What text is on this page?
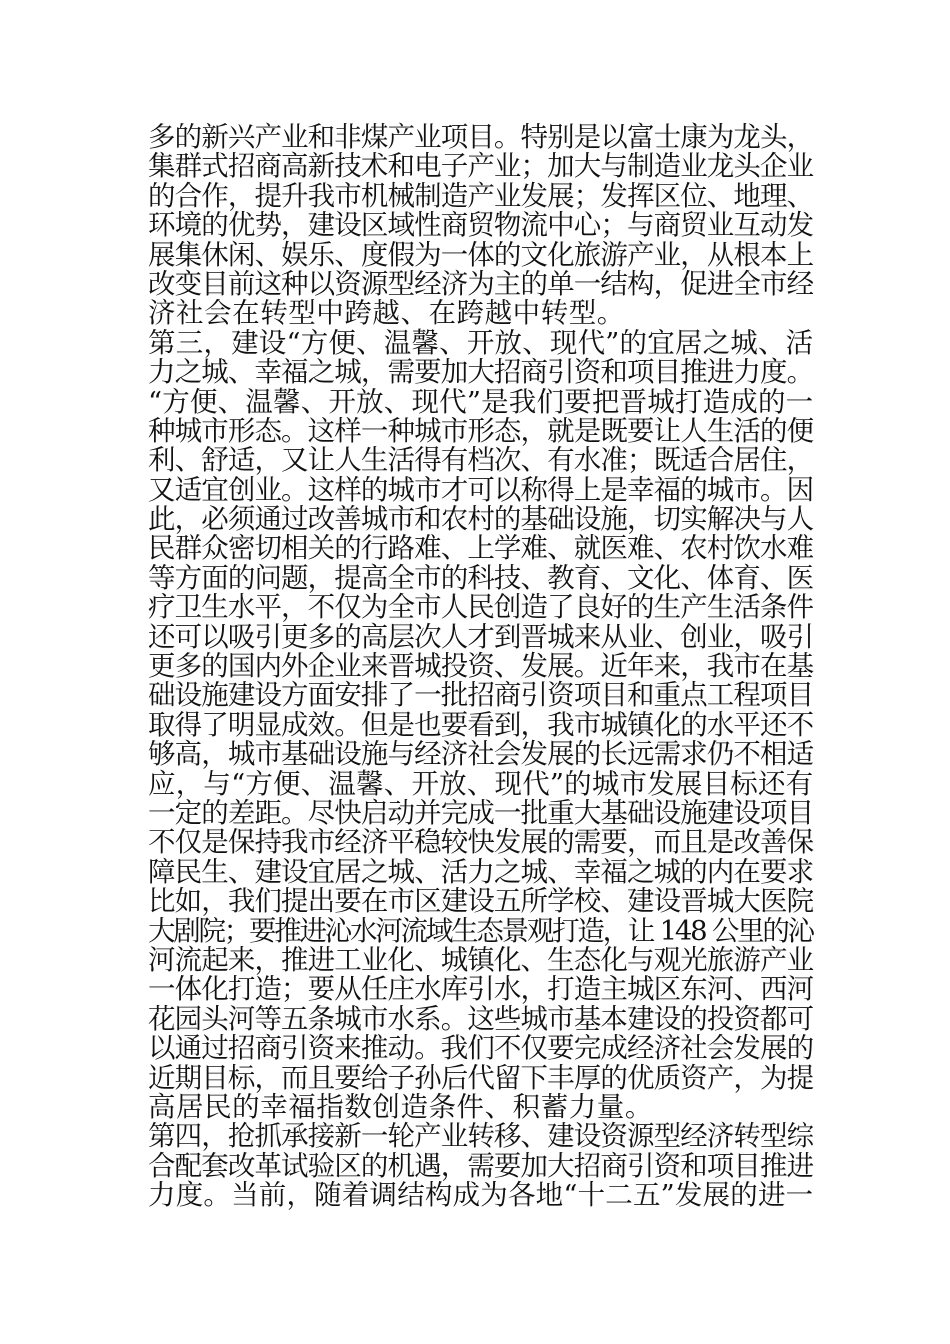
多的新兴产业和非煤产业项目。特别是以富士康为龙头，
集群式招商高新技术和电子产业；加大与制造业龙头企业
的合作，提升我市机械制造产业发展；发挥区位、地理、
环境的优势，建设区域性商贸物流中心；与商贸业互动发
展集休闲、娱乐、度假为一体的文化旅游产业，从根本上
改变目前这种以资源型经济为主的单一结构，促进全市经
济社会在转型中跨越、在跨越中转型。
第三，建设“方便、温馨、开放、现代”的宜居之城、活
力之城、幸福之城，需要加大招商引资和项目推进力度。
“方便、温馨、开放、现代”是我们要把晋城打造成的一
种城市形态。这样一种城市形态，就是既要让人生活的便
利、舒适，又让人生活得有档次、有水准；既适合居住，
又适宜创业。这样的城市才可以称得上是幸福的城市。因
此，必须通过改善城市和农村的基础设施，切实解决与人
民群众密切相关的行路难、上学难、就医难、农村饮水难
等方面的问题，提高全市的科技、教育、文化、体育、医
疗卫生水平，不仅为全市人民创造了良好的生产生活条件
还可以吸引更多的高层次人才到晋城来从业、创业，吸引
更多的国内外企业来晋城投资、发展。近年来，我市在基
础设施建设方面安排了一批招商引资项目和重点工程项目
取得了明显成效。但是也要看到，我市城镇化的水平还不
够高，城市基础设施与经济社会发展的长远需求仍不相适
应，与“方便、温馨、开放、现代”的城市发展目标还有
一定的差距。尽快启动并完成一批重大基础设施建设项目
不仅是保持我市经济平稳较快发展的需要，而且是改善保
障民生、建设宜居之城、活力之城、幸福之城的内在要求
比如，我们提出要在市区建设五所学校、建设晋城大医院
大剧院；要推进沁水河流域生态景观打造，让 148 公里的沁
河流起来，推进工业化、城镇化、生态化与观光旅游产业
一体化打造；要从任庄水库引水，打造主城区东河、西河
花园头河等五条城市水系。这些城市基本建设的投资都可
以通过招商引资来推动。我们不仅要完成经济社会发展的
近期目标，而且要给子孙后代留下丰厚的优质资产，为提
高居民的幸福指数创造条件、积蓄力量。
第四，抢抓承接新一轮产业转移、建设资源型经济转型综
合配套改革试验区的机遇，需要加大招商引资和项目推进
力度。当前，随着调结构成为各地“十二五”发展的进一
